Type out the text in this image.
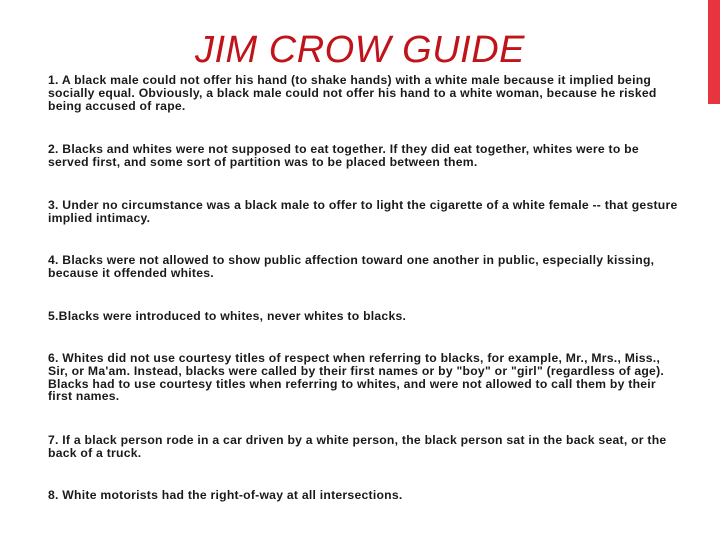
JIM CROW GUIDE
1. A black male could not offer his hand (to shake hands) with a white male because it implied being socially equal. Obviously, a black male could not offer his hand to a white woman, because he risked being accused of rape.
2. Blacks and whites were not supposed to eat together. If they did eat together, whites were to be served first, and some sort of partition was to be placed between them.
3. Under no circumstance was a black male to offer to light the cigarette of a white female -- that gesture implied intimacy.
4. Blacks were not allowed to show public affection toward one another in public, especially kissing, because it offended whites.
5.Blacks were introduced to whites, never whites to blacks.
6. Whites did not use courtesy titles of respect when referring to blacks, for example, Mr., Mrs., Miss., Sir, or Ma'am. Instead, blacks were called by their first names or by "boy" or "girl" (regardless of age). Blacks had to use courtesy titles when referring to whites, and were not allowed to call them by their first names.
7. If a black person rode in a car driven by a white person, the black person sat in the back seat, or the back of a truck.
8. White motorists had the right-of-way at all intersections.
